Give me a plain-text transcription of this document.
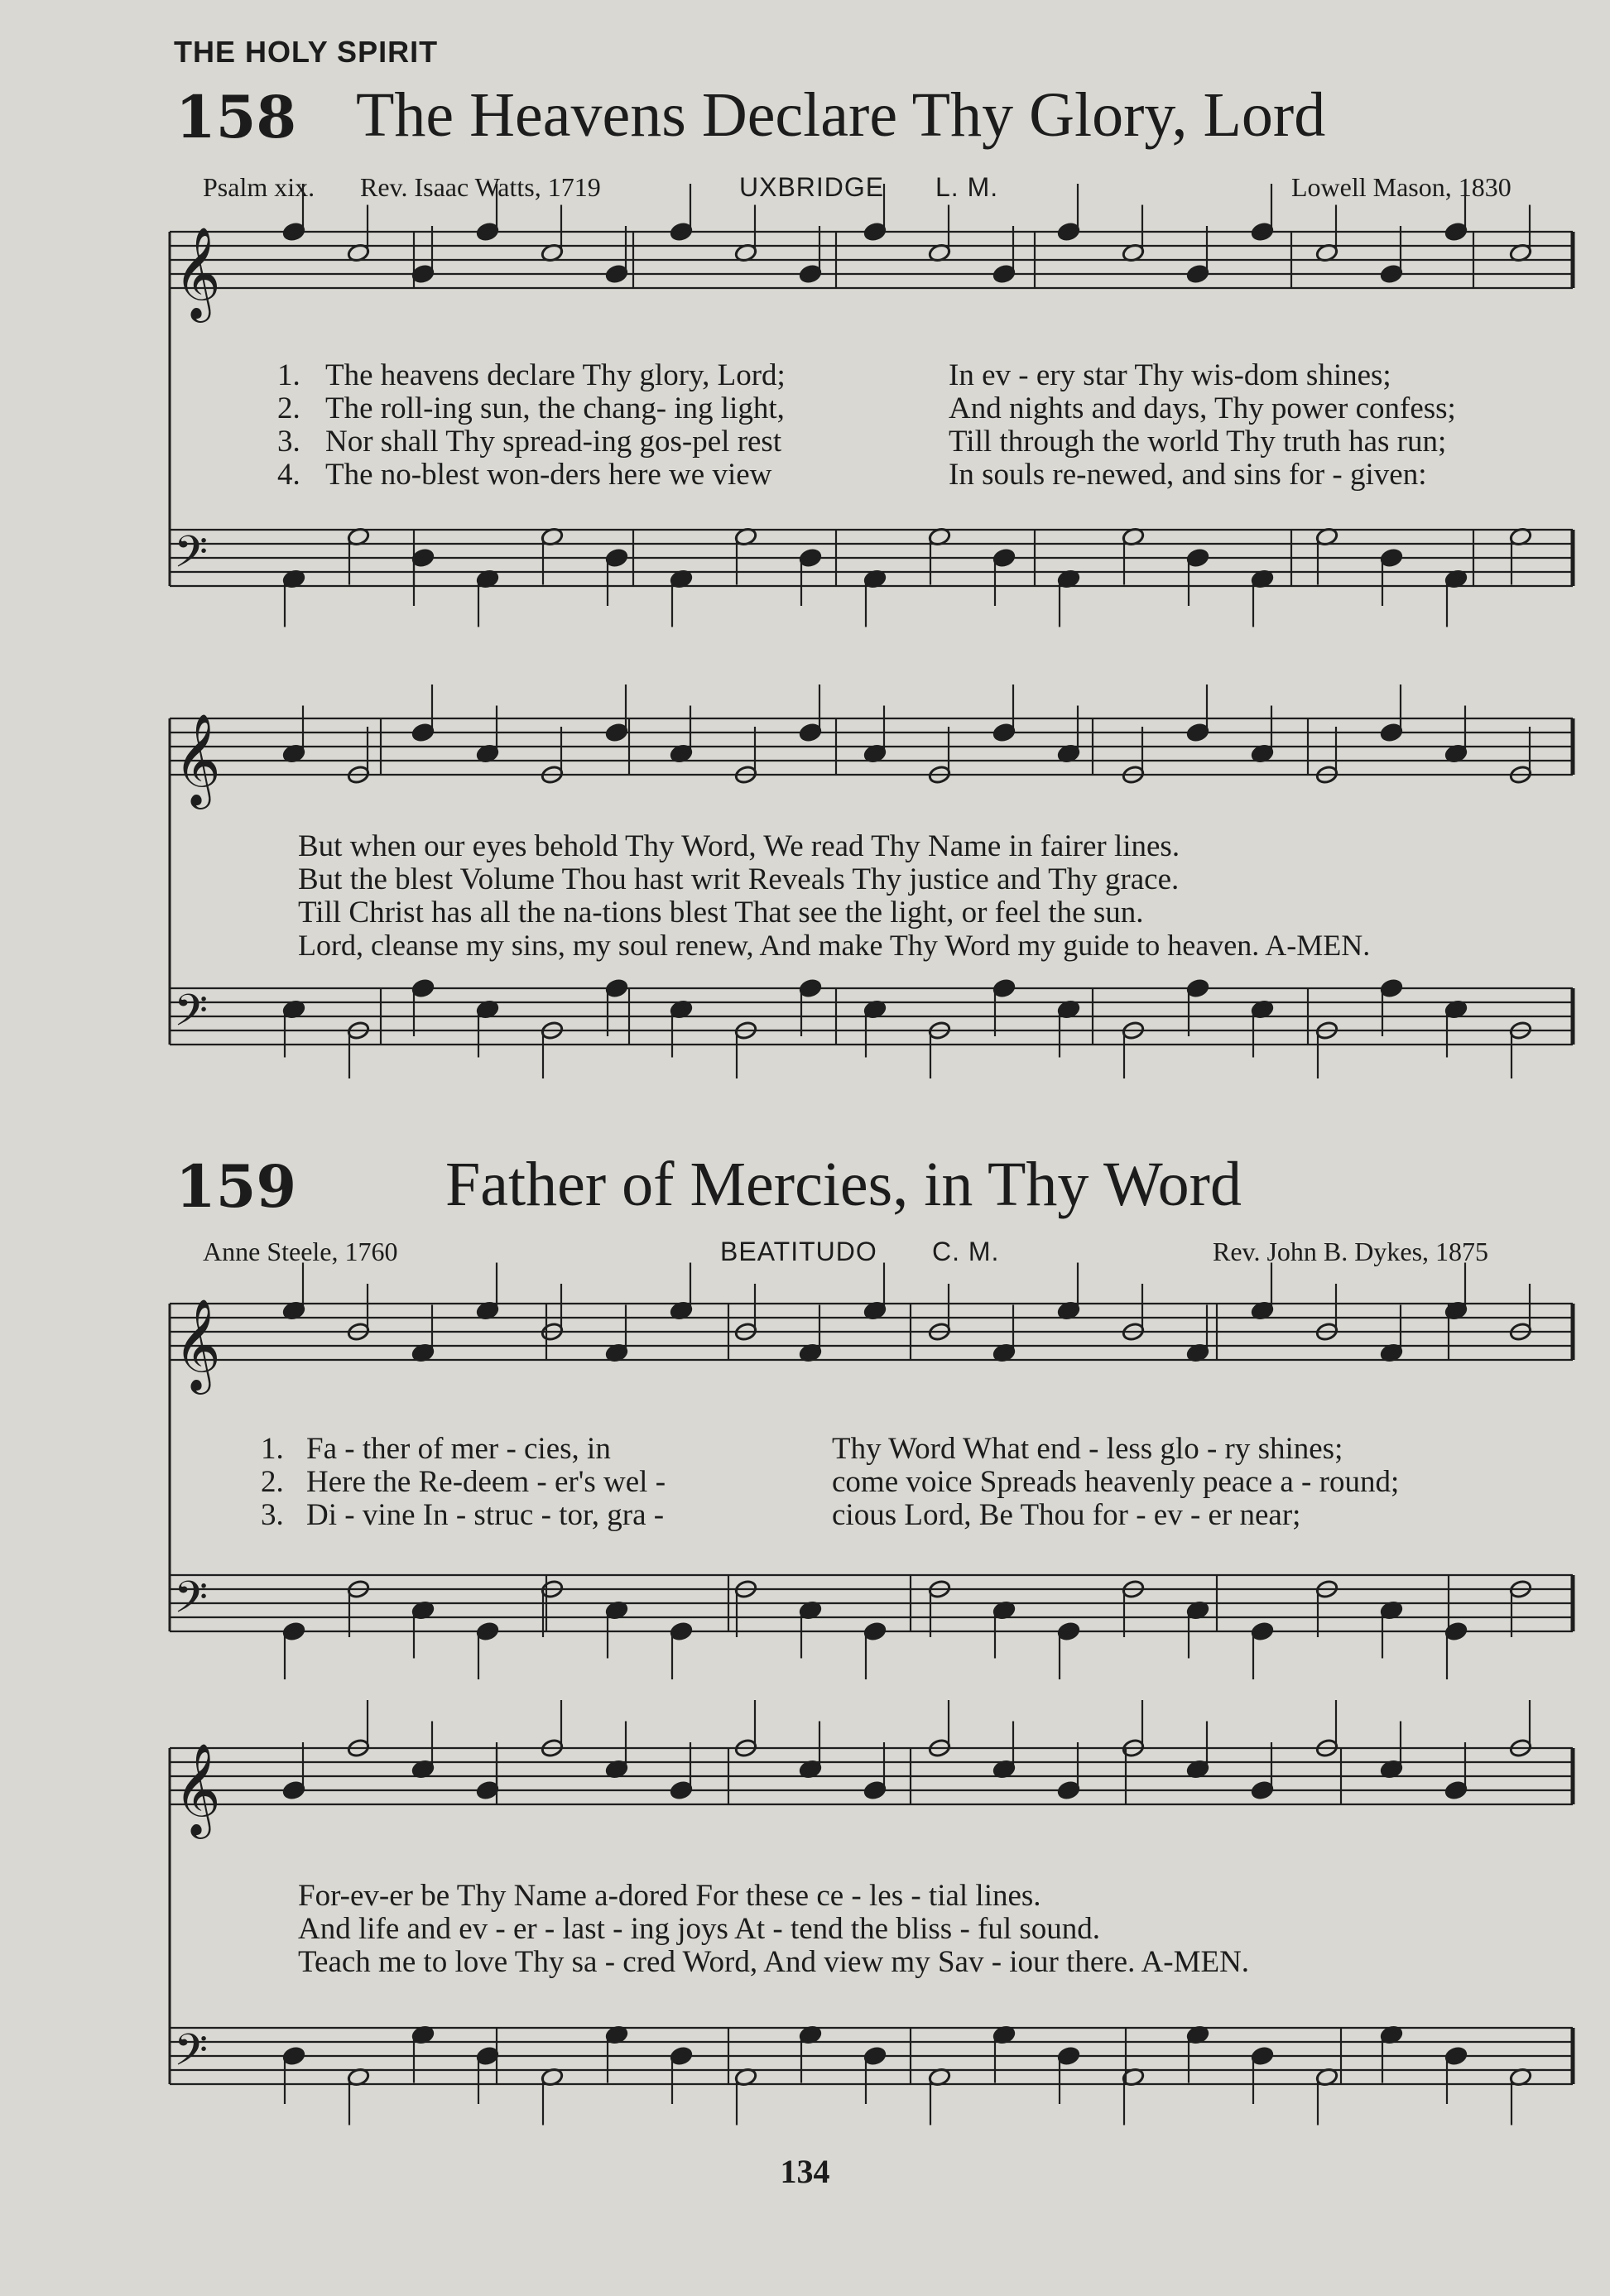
THE HOLY SPIRIT
158 The Heavens Declare Thy Glory, Lord
Psalm xix. Rev. Isaac Watts, 1719	UXBRIDGE L. M.	Lowell Mason, 1830
1. The heavens declare Thy glory, Lord;	In ev - ery star Thy wis-dom shines;
2. The roll-ing sun, the chang- ing light,	And nights and days, Thy power confess;
3. Nor shall Thy spread-ing gos-pel rest	Till through the world Thy truth has run;
4. The no-blest won-ders here we view	In souls re-newed, and sins for - given:
But when our eyes behold Thy Word, We read Thy Name in fairer lines.
But the blest Volume Thou hast writ Reveals Thy justice and Thy grace.
Till Christ has all the na-tions blest That see the light, or feel the sun.
Lord, cleanse my sins, my soul renew, And make Thy Word my guide to heaven. A-MEN.
159 Father of Mercies, in Thy Word
Anne Steele, 1760	BEATITUDO C. M.	Rev. John B. Dykes, 1875
1. Fa - ther of mer - cies, in	Thy Word What end - less glo - ry shines;
2. Here the Re-deem - er's wel -	come voice Spreads heavenly peace a - round;
3. Di - vine In - struc - tor, gra -	cious Lord, Be Thou for - ev - er near;
For-ev-er be Thy Name a-dored For these ce - les - tial lines.
And life and ev - er - last - ing joys At - tend the bliss - ful sound.
Teach me to love Thy sa - cred Word, And view my Sav - iour there. A-MEN.
134
𝄞
𝄢
𝄞
𝄢
𝄞
𝄢
𝄞
𝄢
